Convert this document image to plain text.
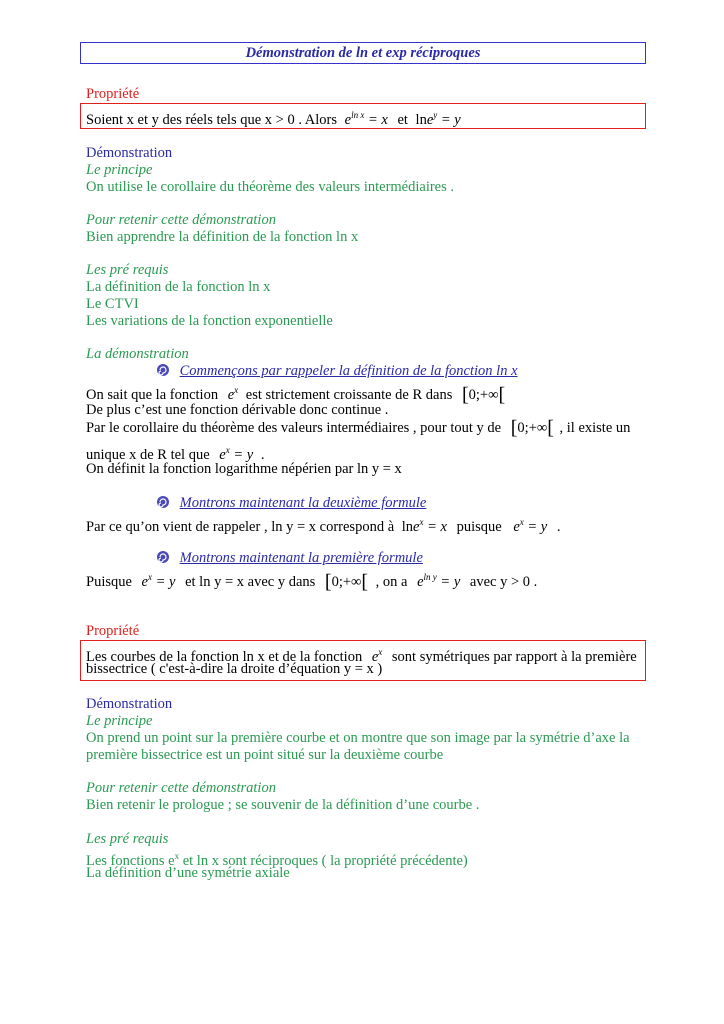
Démonstration de ln et exp réciproques
Propriété
Soient x et y des réels tels que x > 0 . Alors $e^{ln x} = x$ et lne$^y$ = y
Démonstration
Le principe
On utilise le corollaire du théorème des valeurs intermédiaires .
Pour retenir cette démonstration
Bien apprendre la définition de la fonction ln x
Les pré requis
La définition de la fonction ln x
Le CTVI
Les variations de la fonction exponentielle
La démonstration
Commençons par rappeler la définition de la fonction ln x
On sait que la fonction $e^x$ est strictement croissante de R dans [0;+∞[
De plus c’est une fonction dérivable donc continue .
Par le corollaire du théorème des valeurs intermédiaires , pour tout y de [0;+∞[ , il existe un
unique x de R tel que $e^x = y$ .
On définit la fonction logarithme népérien par ln y = x
Montrons maintenant la deuxième formule
Par ce qu’on vient de rappeler , ln y = x correspond à lne$^x$ = x puisque $e^x = y$ .
Montrons maintenant la première formule
Puisque $e^x = y$ et ln y = x avec y dans [0;+∞[ , on a $e^{ln y} = y$ avec y > 0 .
Propriété
Les courbes de la fonction ln x et de la fonction $e^x$ sont symétriques par rapport à la première
bissectrice ( c'est-à-dire la droite d’équation y = x )
Démonstration
Le principe
On prend un point sur la première courbe et on montre que son image par la symétrie d’axe la
première bissectrice est un point situé sur la deuxième courbe
Pour retenir cette démonstration
Bien retenir le prologue ; se souvenir de la définition d’une courbe .
Les pré requis
Les fonctions $e^x$ et ln x sont réciproques ( la propriété précédente)
La définition d’une symétrie axiale
